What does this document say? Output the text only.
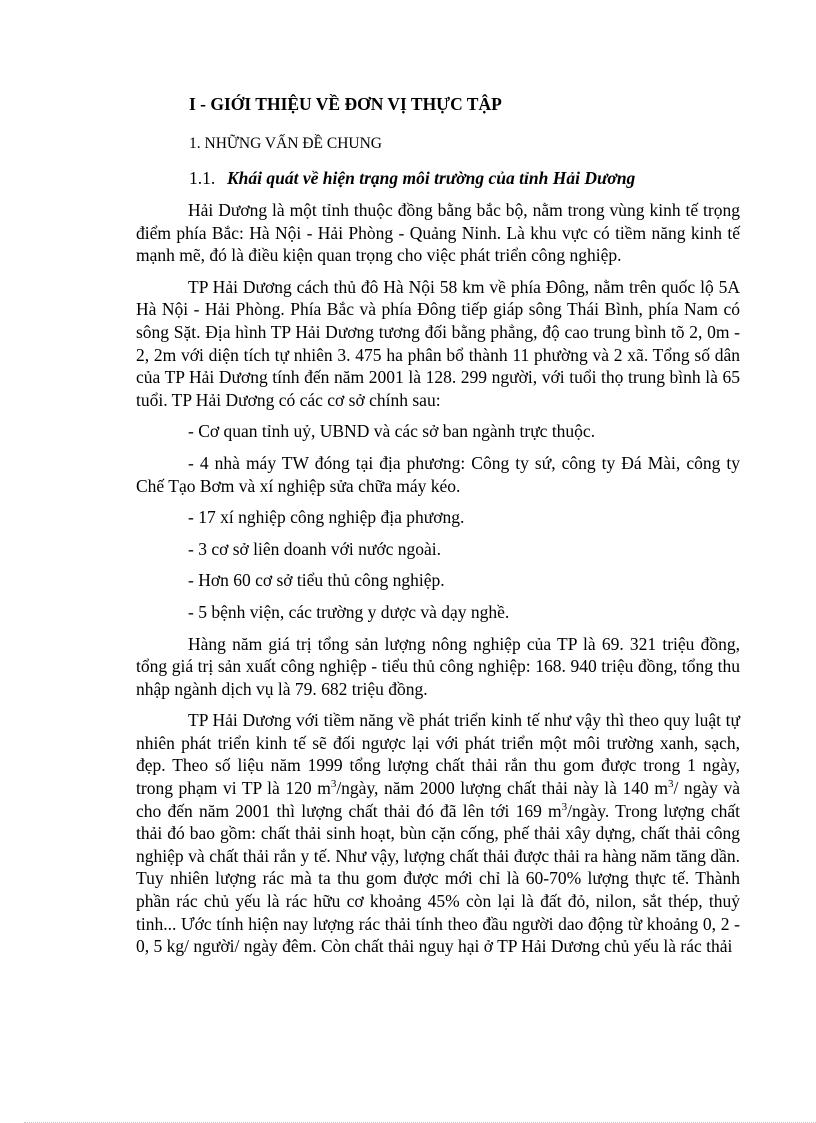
I - GIỚI THIỆU VỀ ĐƠN VỊ THỰC TẬP
1. NHỮNG VẤN ĐỀ CHUNG
1.1. Khái quát về hiện trạng môi trường của tỉnh Hải Dương

Hải Dương là một tỉnh thuộc đồng bằng bắc bộ, nằm trong vùng kinh tế trọng điểm phía Bắc: Hà Nội - Hải Phòng - Quảng Ninh. Là khu vực có tiềm năng kinh tế mạnh mẽ, đó là điều kiện quan trọng cho việc phát triển công nghiệp.

TP Hải Dương cách thủ đô Hà Nội 58 km về phía Đông, nằm trên quốc lộ 5A Hà Nội - Hải Phòng. Phía Bắc và phía Đông tiếp giáp sông Thái Bình, phía Nam có sông Sặt. Địa hình TP Hải Dương tương đối bằng phẳng, độ cao trung bình tõ 2, 0m - 2, 2m với diện tích tự nhiên 3. 475 ha phân bổ thành 11 phường và 2 xã. Tổng số dân của TP Hải Dương tính đến năm 2001 là 128. 299 người, với tuổi thọ trung bình là 65 tuổi. TP Hải Dương có các cơ sở chính sau:

- Cơ quan tỉnh uỷ, UBND và các sở ban ngành trực thuộc.

- 4 nhà máy TW đóng tại địa phương: Công ty sứ, công ty Đá Mài, công ty Chế Tạo Bơm và xí nghiệp sửa chữa máy kéo.

- 17 xí nghiệp công nghiệp địa phương.

- 3 cơ sở liên doanh với nước ngoài.

- Hơn 60 cơ sở tiểu thủ công nghiệp.

- 5 bệnh viện, các trường y dược và dạy nghề.

Hàng năm giá trị tổng sản lượng nông nghiệp của TP là 69. 321 triệu đồng, tổng giá trị sản xuất công nghiệp - tiểu thủ công nghiệp: 168. 940 triệu đồng, tổng thu nhập ngành dịch vụ là 79. 682 triệu đồng.

TP Hải Dương với tiềm năng về phát triển kinh tế như vậy thì theo quy luật tự nhiên phát triển kinh tế sẽ đối ngược lại với phát triển một môi trường xanh, sạch, đẹp. Theo số liệu năm 1999 tổng lượng chất thải rắn thu gom được trong 1 ngày, trong phạm vi TP là 120 $m^3$/ngày, năm 2000 lượng chất thải này là 140 $m^3/$ ngày và cho đến năm 2001 thì lượng chất thải đó đã lên tới 169 $m^3$/ngày. Trong lượng chất thải đó bao gồm: chất thải sinh hoạt, bùn cặn cống, phế thải xây dựng, chất thải công nghiệp và chất thải rắn y tế. Như vậy, lượng chất thải được thải ra hàng năm tăng dần. Tuy nhiên lượng rác mà ta thu gom được mới chỉ là 60-70% lượng thực tế. Thành phần rác chủ yếu là rác hữu cơ khoảng 45% còn lại là đất đỏ, nilon, sắt thép, thuỷ tinh... Ước tính hiện nay lượng rác thải tính theo đầu người dao động từ khoảng 0, 2 - 0, 5 kg/ người/ ngày đêm. Còn chất thải nguy hại ở TP Hải Dương chủ yếu là rác thải
